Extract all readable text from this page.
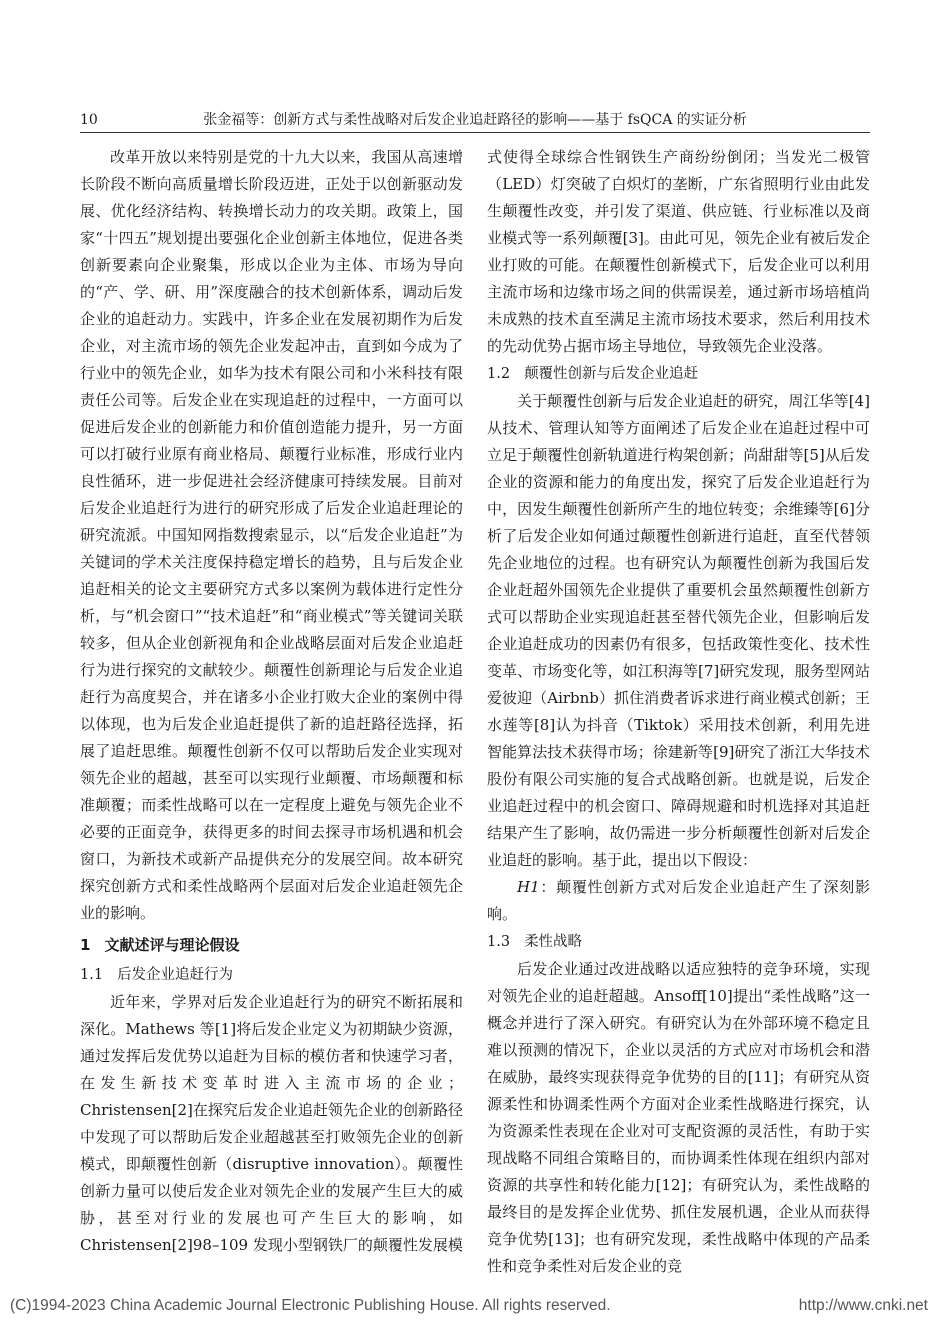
10	张金福等：创新方式与柔性战略对后发企业追赶路径的影响——基于 fsQCA 的实证分析

改革开放以来特别是党的十九大以来，我国从高速增长阶段不断向高质量增长阶段迈进，正处于以创新驱动发展、优化经济结构、转换增长动力的攻关期。政策上，国家“十四五”规划提出要强化企业创新主体地位，促进各类创新要素向企业聚集，形成以企业为主体、市场为导向的“产、学、研、用”深度融合的技术创新体系，调动后发企业的追赶动力。实践中，许多企业在发展初期作为后发企业，对主流市场的领先企业发起冲击，直到如今成为了行业中的领先企业，如华为技术有限公司和小米科技有限责任公司等。后发企业在实现追赶的过程中，一方面可以促进后发企业的创新能力和价值创造能力提升，另一方面可以打破行业原有商业格局、颠覆行业标准，形成行业内良性循环，进一步促进社会经济健康可持续发展。目前对后发企业追赶行为进行的研究形成了后发企业追赶理论的研究流派。中国知网指数搜索显示，以“后发企业追赶”为关键词的学术关注度保持稳定增长的趋势，且与后发企业追赶相关的论文主要研究方式多以案例为载体进行定性分析，与“机会窗口”“技术追赶”和“商业模式”等关键词关联较多，但从企业创新视角和企业战略层面对后发企业追赶行为进行探究的文献较少。颠覆性创新理论与后发企业追赶行为高度契合，并在诸多小企业打败大企业的案例中得以体现，也为后发企业追赶提供了新的追赶路径选择，拓展了追赶思维。颠覆性创新不仅可以帮助后发企业实现对领先企业的超越，甚至可以实现行业颠覆、市场颠覆和标准颠覆；而柔性战略可以在一定程度上避免与领先企业不必要的正面竞争，获得更多的时间去探寻市场机遇和机会窗口，为新技术或新产品提供充分的发展空间。故本研究探究创新方式和柔性战略两个层面对后发企业追赶领先企业的影响。

1 文献述评与理论假设
1.1 后发企业追赶行为

近年来，学界对后发企业追赶行为的研究不断拓展和深化。Mathews 等[1]将后发企业定义为初期缺少资源，通过发挥后发优势以追赶为目标的模仿者和快速学习者，在发生新技术变革时进入主流市场的企业；Christensen[2]在探究后发企业追赶领先企业的创新路径中发现了可以帮助后发企业超越甚至打败领先企业的创新模式，即颠覆性创新（disruptive innovation）。颠覆性创新力量可以使后发企业对领先企业的发展产生巨大的威胁，甚至对行业的发展也可产生巨大的影响，如 Christensen[2]98–109 发现小型钢铁厂的颠覆性发展模

式使得全球综合性钢铁生产商纷纷倒闭；当发光二极管（LED）灯突破了白炽灯的垄断，广东省照明行业由此发生颠覆性改变，并引发了渠道、供应链、行业标准以及商业模式等一系列颠覆[3]。由此可见，领先企业有被后发企业打败的可能。在颠覆性创新模式下，后发企业可以利用主流市场和边缘市场之间的供需误差，通过新市场培植尚未成熟的技术直至满足主流市场技术要求，然后利用技术的先动优势占据市场主导地位，导致领先企业没落。

1.2 颠覆性创新与后发企业追赶

关于颠覆性创新与后发企业追赶的研究，周江华等[4]从技术、管理认知等方面阐述了后发企业在追赶过程中可立足于颠覆性创新轨道进行构架创新；尚甜甜等[5]从后发企业的资源和能力的角度出发，探究了后发企业追赶行为中，因发生颠覆性创新所产生的地位转变；余维臻等[6]分析了后发企业如何通过颠覆性创新进行追赶，直至代替领先企业地位的过程。也有研究认为颠覆性创新为我国后发企业赶超外国领先企业提供了重要机会虽然颠覆性创新方式可以帮助企业实现追赶甚至替代领先企业，但影响后发企业追赶成功的因素仍有很多，包括政策性变化、技术性变革、市场变化等，如江积海等[7]研究发现，服务型网站爱彼迎（Airbnb）抓住消费者诉求进行商业模式创新；王水莲等[8]认为抖音（Tiktok）采用技术创新，利用先进智能算法技术获得市场；徐建新等[9]研究了浙江大华技术股份有限公司实施的复合式战略创新。也就是说，后发企业追赶过程中的机会窗口、障碍规避和时机选择对其追赶结果产生了影响，故仍需进一步分析颠覆性创新对后发企业追赶的影响。基于此，提出以下假设：

H1：颠覆性创新方式对后发企业追赶产生了深刻影响。

1.3 柔性战略

后发企业通过改进战略以适应独特的竞争环境，实现对领先企业的追赶超越。Ansoff[10]提出“柔性战略”这一概念并进行了深入研究。有研究认为在外部环境不稳定且难以预测的情况下，企业以灵活的方式应对市场机会和潜在威胁，最终实现获得竞争优势的目的[11]；有研究从资源柔性和协调柔性两个方面对企业柔性战略进行探究，认为资源柔性表现在企业对可支配资源的灵活性，有助于实现战略不同组合策略目的，而协调柔性体现在组织内部对资源的共享性和转化能力[12]；有研究认为，柔性战略的最终目的是发挥企业优势、抓住发展机遇，企业从而获得竞争优势[13]；也有研究发现，柔性战略中体现的产品柔性和竞争柔性对后发企业的竞

(C)1994-2023 China Academic Journal Electronic Publishing House. All rights reserved.	http://www.cnki.net
